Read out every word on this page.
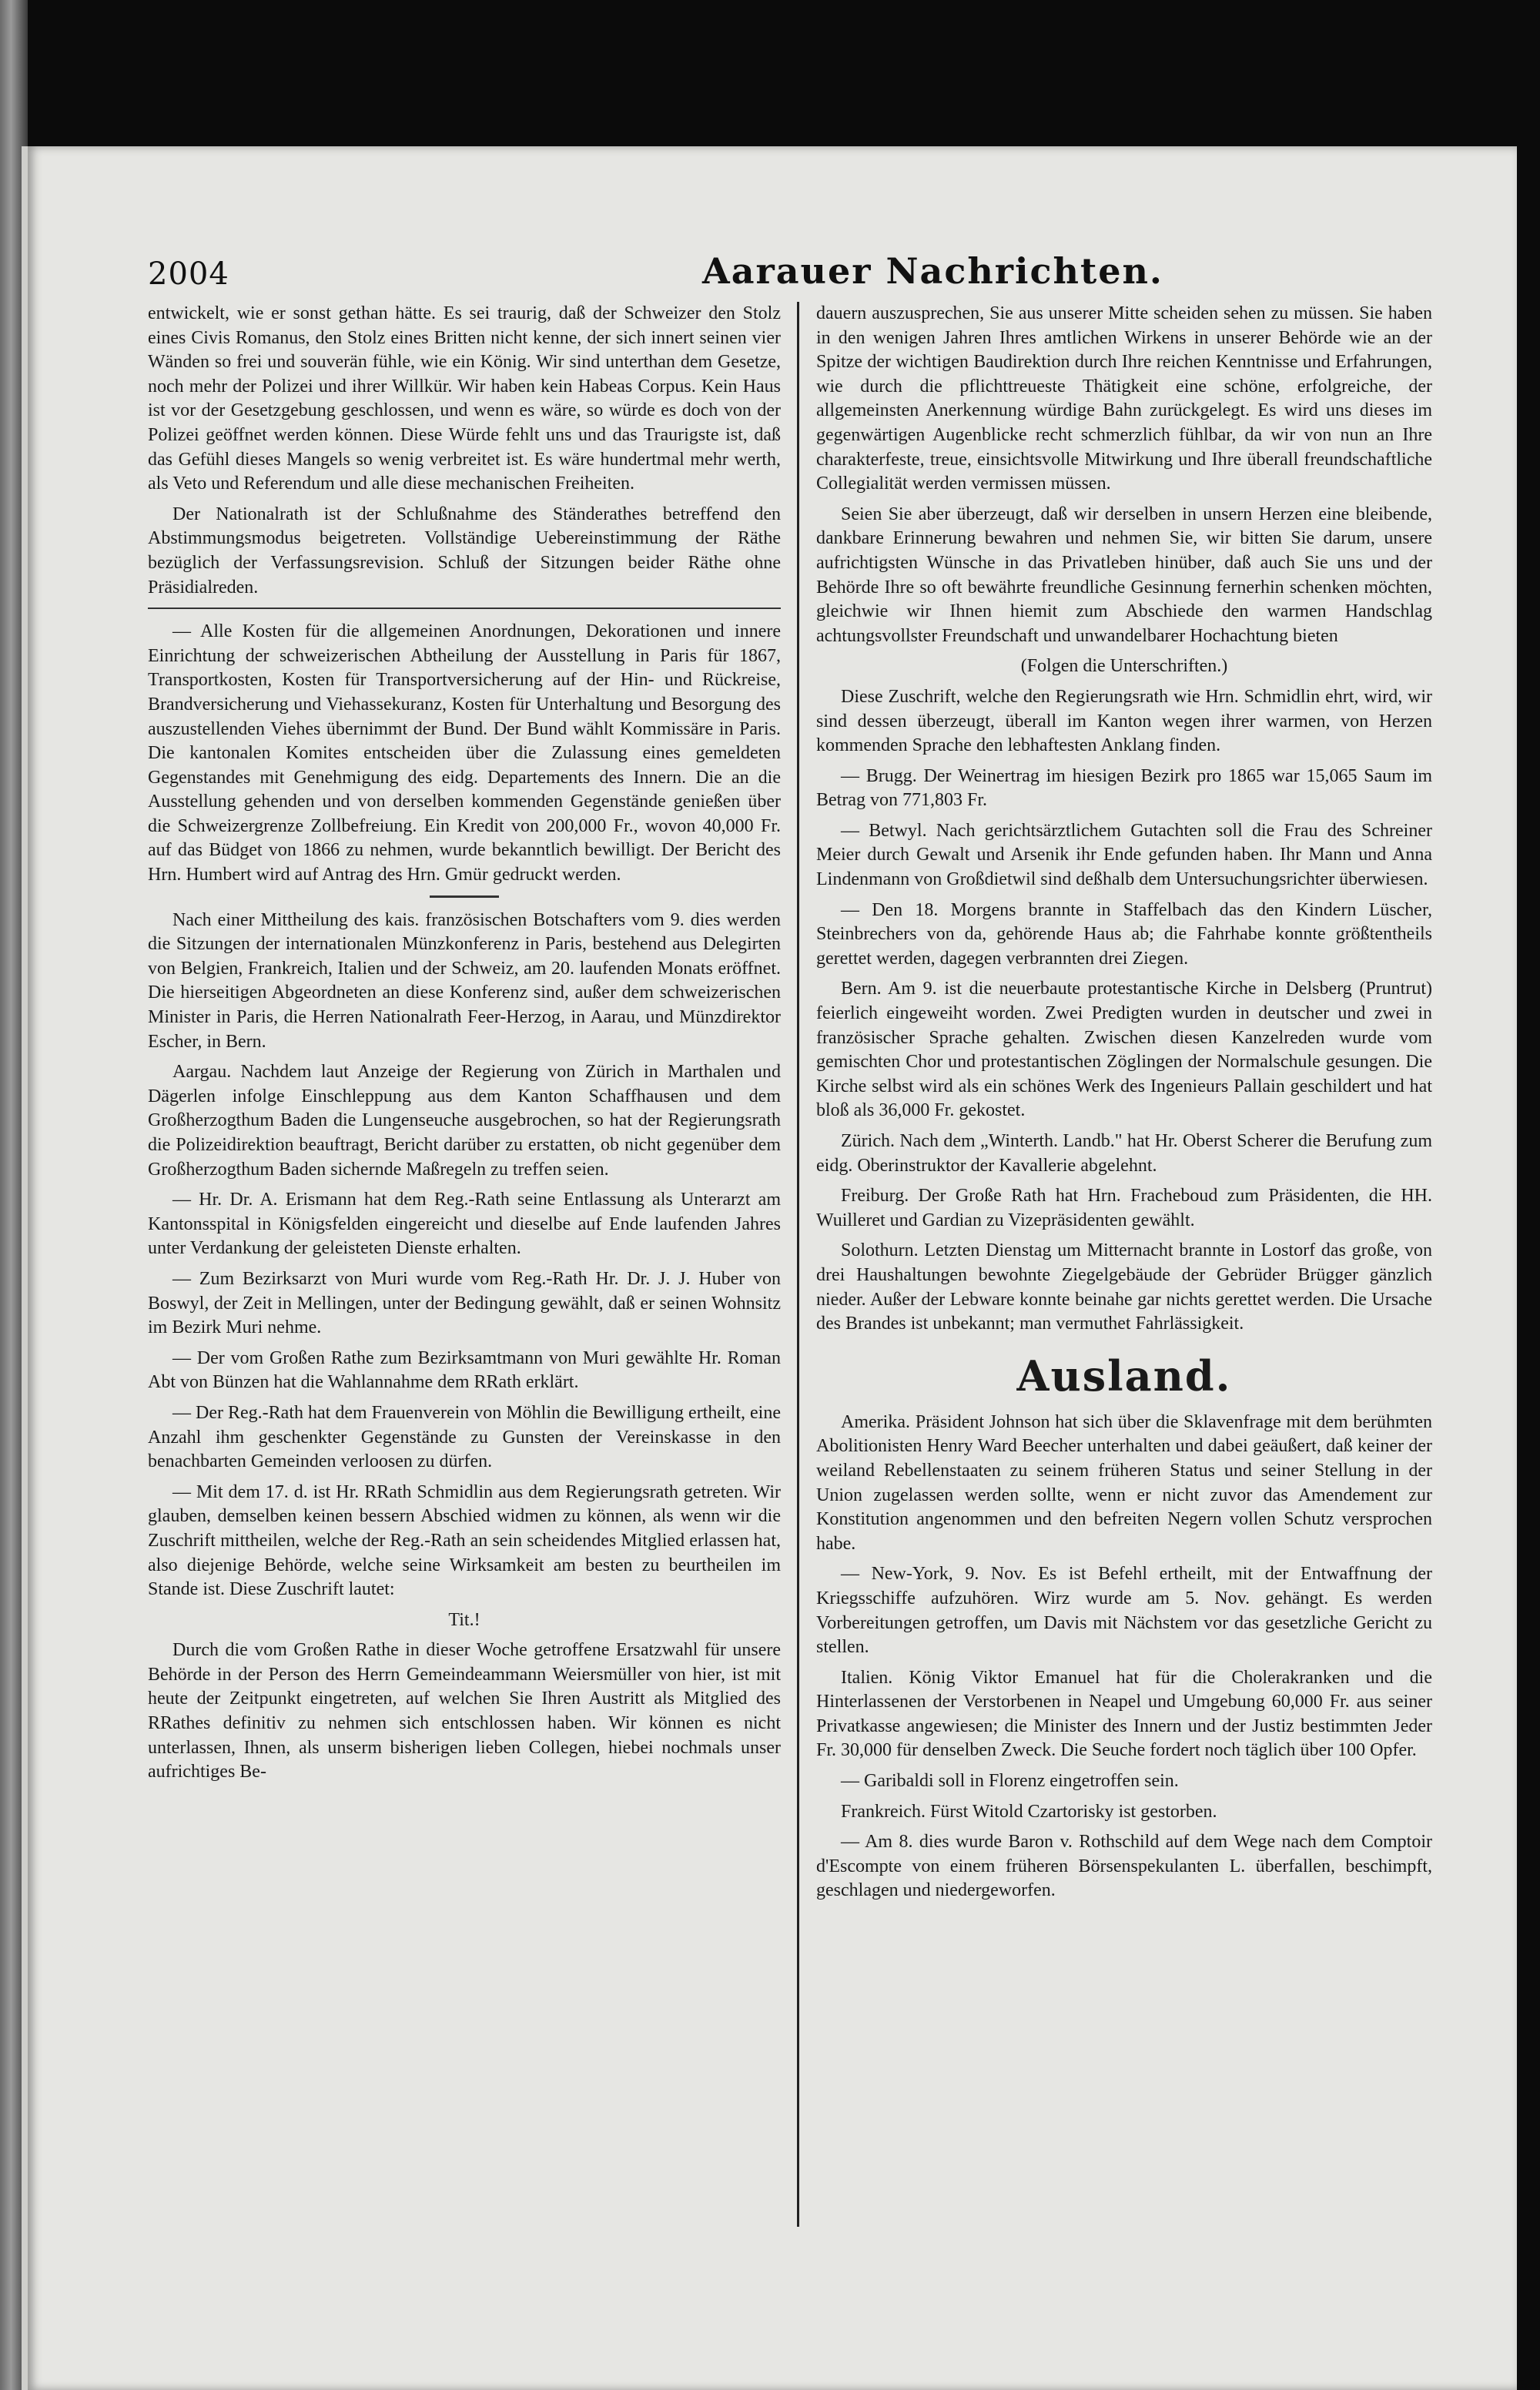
2004	Aarauer Nachrichten.

entwickelt, wie er sonst gethan hätte. Es sei traurig, daß der Schweizer den Stolz eines Civis Romanus, den Stolz eines Britten nicht kenne, der sich innert seinen vier Wänden so frei und souverän fühle, wie ein König. Wir sind unterthan dem Gesetze, noch mehr der Polizei und ihrer Willkür. Wir haben kein Habeas Corpus. Kein Haus ist vor der Gesetzgebung geschlossen, und wenn es wäre, so würde es doch von der Polizei geöffnet werden können. Diese Würde fehlt uns und das Traurigste ist, daß das Gefühl dieses Mangels so wenig verbreitet ist. Es wäre hundertmal mehr werth, als Veto und Referendum und alle diese mechanischen Freiheiten.

Der Nationalrath ist der Schlußnahme des Ständerathes betreffend den Abstimmungsmodus beigetreten. Vollständige Uebereinstimmung der Räthe bezüglich der Verfassungsrevision. Schluß der Sitzungen beider Räthe ohne Präsidialreden.

— Alle Kosten für die allgemeinen Anordnungen, Dekorationen und innere Einrichtung der schweizerischen Abtheilung der Ausstellung in Paris für 1867, Transportkosten, Kosten für Transportversicherung auf der Hin- und Rückreise, Brandversicherung und Viehassekuranz, Kosten für Unterhaltung und Besorgung des auszustellenden Viehes übernimmt der Bund. Der Bund wählt Kommissäre in Paris. Die kantonalen Komites entscheiden über die Zulassung eines gemeldeten Gegenstandes mit Genehmigung des eidg. Departements des Innern. Die an die Ausstellung gehenden und von derselben kommenden Gegenstände genießen über die Schweizergrenze Zollbefreiung. Ein Kredit von 200,000 Fr., wovon 40,000 Fr. auf das Büdget von 1866 zu nehmen, wurde bekanntlich bewilligt. Der Bericht des Hrn. Humbert wird auf Antrag des Hrn. Gmür gedruckt werden.

Nach einer Mittheilung des kais. französischen Botschafters vom 9. dies werden die Sitzungen der internationalen Münzkonferenz in Paris, bestehend aus Delegirten von Belgien, Frankreich, Italien und der Schweiz, am 20. laufenden Monats eröffnet. Die hierseitigen Abgeordneten an diese Konferenz sind, außer dem schweizerischen Minister in Paris, die Herren Nationalrath Feer-Herzog, in Aarau, und Münzdirektor Escher, in Bern.

Aargau. Nachdem laut Anzeige der Regierung von Zürich in Marthalen und Dägerlen infolge Einschleppung aus dem Kanton Schaffhausen und dem Großherzogthum Baden die Lungenseuche ausgebrochen, so hat der Regierungsrath die Polizeidirektion beauftragt, Bericht darüber zu erstatten, ob nicht gegenüber dem Großherzogthum Baden sichernde Maßregeln zu treffen seien.

— Hr. Dr. A. Erismann hat dem Reg.-Rath seine Entlassung als Unterarzt am Kantonsspital in Königsfelden eingereicht und dieselbe auf Ende laufenden Jahres unter Verdankung der geleisteten Dienste erhalten.

— Zum Bezirksarzt von Muri wurde vom Reg.-Rath Hr. Dr. J. J. Huber von Boswyl, der Zeit in Mellingen, unter der Bedingung gewählt, daß er seinen Wohnsitz im Bezirk Muri nehme.

— Der vom Großen Rathe zum Bezirksamtmann von Muri gewählte Hr. Roman Abt von Bünzen hat die Wahlannahme dem RRath erklärt.

— Der Reg.-Rath hat dem Frauenverein von Möhlin die Bewilligung ertheilt, eine Anzahl ihm geschenkter Gegenstände zu Gunsten der Vereinskasse in den benachbarten Gemeinden verloosen zu dürfen.

— Mit dem 17. d. ist Hr. RRath Schmidlin aus dem Regierungsrath getreten. Wir glauben, demselben keinen bessern Abschied widmen zu können, als wenn wir die Zuschrift mittheilen, welche der Reg.-Rath an sein scheidendes Mitglied erlassen hat, also diejenige Behörde, welche seine Wirksamkeit am besten zu beurtheilen im Stande ist. Diese Zuschrift lautet:

Tit.!

Durch die vom Großen Rathe in dieser Woche getroffene Ersatzwahl für unsere Behörde in der Person des Herrn Gemeindeammann Weiersmüller von hier, ist mit heute der Zeitpunkt eingetreten, auf welchen Sie Ihren Austritt als Mitglied des RRathes definitiv zu nehmen sich entschlossen haben. Wir können es nicht unterlassen, Ihnen, als unserm bisherigen lieben Collegen, hiebei nochmals unser aufrichtiges Be-

dauern auszusprechen, Sie aus unserer Mitte scheiden sehen zu müssen. Sie haben in den wenigen Jahren Ihres amtlichen Wirkens in unserer Behörde wie an der Spitze der wichtigen Baudirektion durch Ihre reichen Kenntnisse und Erfahrungen, wie durch die pflichttreueste Thätigkeit eine schöne, erfolgreiche, der allgemeinsten Anerkennung würdige Bahn zurückgelegt. Es wird uns dieses im gegenwärtigen Augenblicke recht schmerzlich fühlbar, da wir von nun an Ihre charakterfeste, treue, einsichtsvolle Mitwirkung und Ihre überall freundschaftliche Collegialität werden vermissen müssen.

Seien Sie aber überzeugt, daß wir derselben in unsern Herzen eine bleibende, dankbare Erinnerung bewahren und nehmen Sie, wir bitten Sie darum, unsere aufrichtigsten Wünsche in das Privatleben hinüber, daß auch Sie uns und der Behörde Ihre so oft bewährte freundliche Gesinnung fernerhin schenken möchten, gleichwie wir Ihnen hiemit zum Abschiede den warmen Handschlag achtungsvollster Freundschaft und unwandelbarer Hochachtung bieten

(Folgen die Unterschriften.)

Diese Zuschrift, welche den Regierungsrath wie Hrn. Schmidlin ehrt, wird, wir sind dessen überzeugt, überall im Kanton wegen ihrer warmen, von Herzen kommenden Sprache den lebhaftesten Anklang finden.

— Brugg. Der Weinertrag im hiesigen Bezirk pro 1865 war 15,065 Saum im Betrag von 771,803 Fr.

— Betwyl. Nach gerichtsärztlichem Gutachten soll die Frau des Schreiner Meier durch Gewalt und Arsenik ihr Ende gefunden haben. Ihr Mann und Anna Lindenmann von Großdietwil sind deßhalb dem Untersuchungsrichter überwiesen.

— Den 18. Morgens brannte in Staffelbach das den Kindern Lüscher, Steinbrechers von da, gehörende Haus ab; die Fahrhabe konnte größtentheils gerettet werden, dagegen verbrannten drei Ziegen.

Bern. Am 9. ist die neuerbaute protestantische Kirche in Delsberg (Pruntrut) feierlich eingeweiht worden. Zwei Predigten wurden in deutscher und zwei in französischer Sprache gehalten. Zwischen diesen Kanzelreden wurde vom gemischten Chor und protestantischen Zöglingen der Normalschule gesungen. Die Kirche selbst wird als ein schönes Werk des Ingenieurs Pallain geschildert und hat bloß als 36,000 Fr. gekostet.

Zürich. Nach dem „Winterth. Landb." hat Hr. Oberst Scherer die Berufung zum eidg. Oberinstruktor der Kavallerie abgelehnt.

Freiburg. Der Große Rath hat Hrn. Fracheboud zum Präsidenten, die HH. Wuilleret und Gardian zu Vizepräsidenten gewählt.

Solothurn. Letzten Dienstag um Mitternacht brannte in Lostorf das große, von drei Haushaltungen bewohnte Ziegelgebäude der Gebrüder Brügger gänzlich nieder. Außer der Lebware konnte beinahe gar nichts gerettet werden. Die Ursache des Brandes ist unbekannt; man vermuthet Fahrlässigkeit.

Ausland.

Amerika. Präsident Johnson hat sich über die Sklavenfrage mit dem berühmten Abolitionisten Henry Ward Beecher unterhalten und dabei geäußert, daß keiner der weiland Rebellenstaaten zu seinem früheren Status und seiner Stellung in der Union zugelassen werden sollte, wenn er nicht zuvor das Amendement zur Konstitution angenommen und den befreiten Negern vollen Schutz versprochen habe.

— New-York, 9. Nov. Es ist Befehl ertheilt, mit der Entwaffnung der Kriegsschiffe aufzuhören. Wirz wurde am 5. Nov. gehängt. Es werden Vorbereitungen getroffen, um Davis mit Nächstem vor das gesetzliche Gericht zu stellen.

Italien. König Viktor Emanuel hat für die Cholerakranken und die Hinterlassenen der Verstorbenen in Neapel und Umgebung 60,000 Fr. aus seiner Privatkasse angewiesen; die Minister des Innern und der Justiz bestimmten Jeder Fr. 30,000 für denselben Zweck. Die Seuche fordert noch täglich über 100 Opfer.

— Garibaldi soll in Florenz eingetroffen sein.

Frankreich. Fürst Witold Czartorisky ist gestorben.

— Am 8. dies wurde Baron v. Rothschild auf dem Wege nach dem Comptoir d'Escompte von einem früheren Börsenspekulanten L. überfallen, beschimpft, geschlagen und niedergeworfen.
